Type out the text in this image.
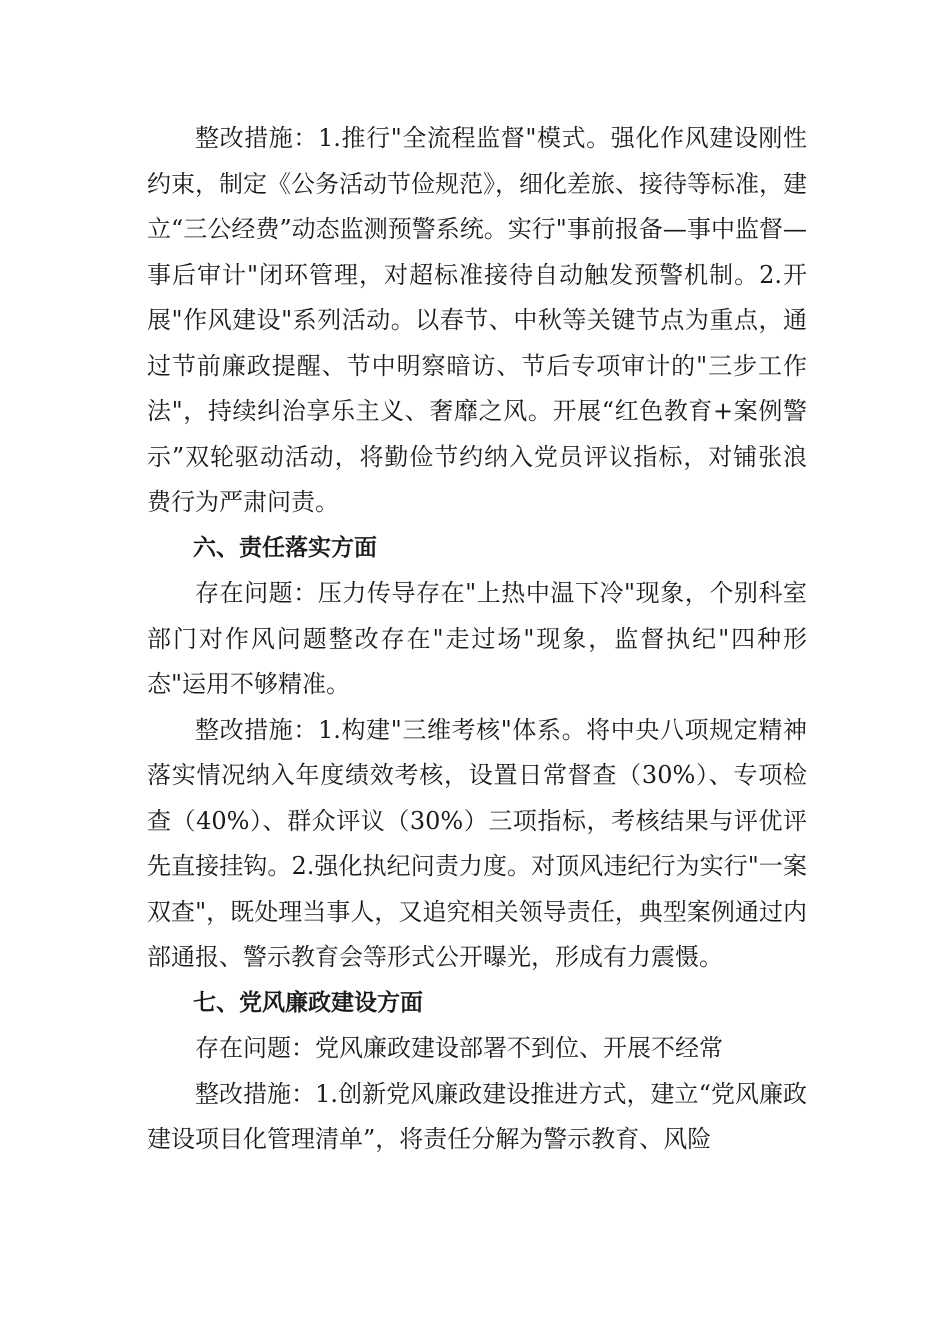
整改措施：1.推行"全流程监督"模式。强化作风建设刚性约束，制定《公务活动节俭规范》，细化差旅、接待等标准，建立“三公经费”动态监测预警系统。实行"事前报备—事中监督—事后审计"闭环管理，对超标准接待自动触发预警机制。2.开展"作风建设"系列活动。以春节、中秋等关键节点为重点，通过节前廉政提醒、节中明察暗访、节后专项审计的"三步工作法"，持续纠治享乐主义、奢靡之风。开展“红色教育+案例警示”双轮驱动活动，将勤俭节约纳入党员评议指标，对铺张浪费行为严肃问责。

六、责任落实方面

存在问题：压力传导存在"上热中温下冷"现象，个别科室部门对作风问题整改存在"走过场"现象，监督执纪"四种形态"运用不够精准。

整改措施：1.构建"三维考核"体系。将中央八项规定精神落实情况纳入年度绩效考核，设置日常督查（30%）、专项检查（40%）、群众评议（30%）三项指标，考核结果与评优评先直接挂钩。2.强化执纪问责力度。对顶风违纪行为实行"一案双查"，既处理当事人，又追究相关领导责任，典型案例通过内部通报、警示教育会等形式公开曝光，形成有力震慑。

七、党风廉政建设方面

存在问题：党风廉政建设部署不到位、开展不经常

整改措施：1.创新党风廉政建设推进方式，建立“党风廉政建设项目化管理清单”，将责任分解为警示教育、风险
